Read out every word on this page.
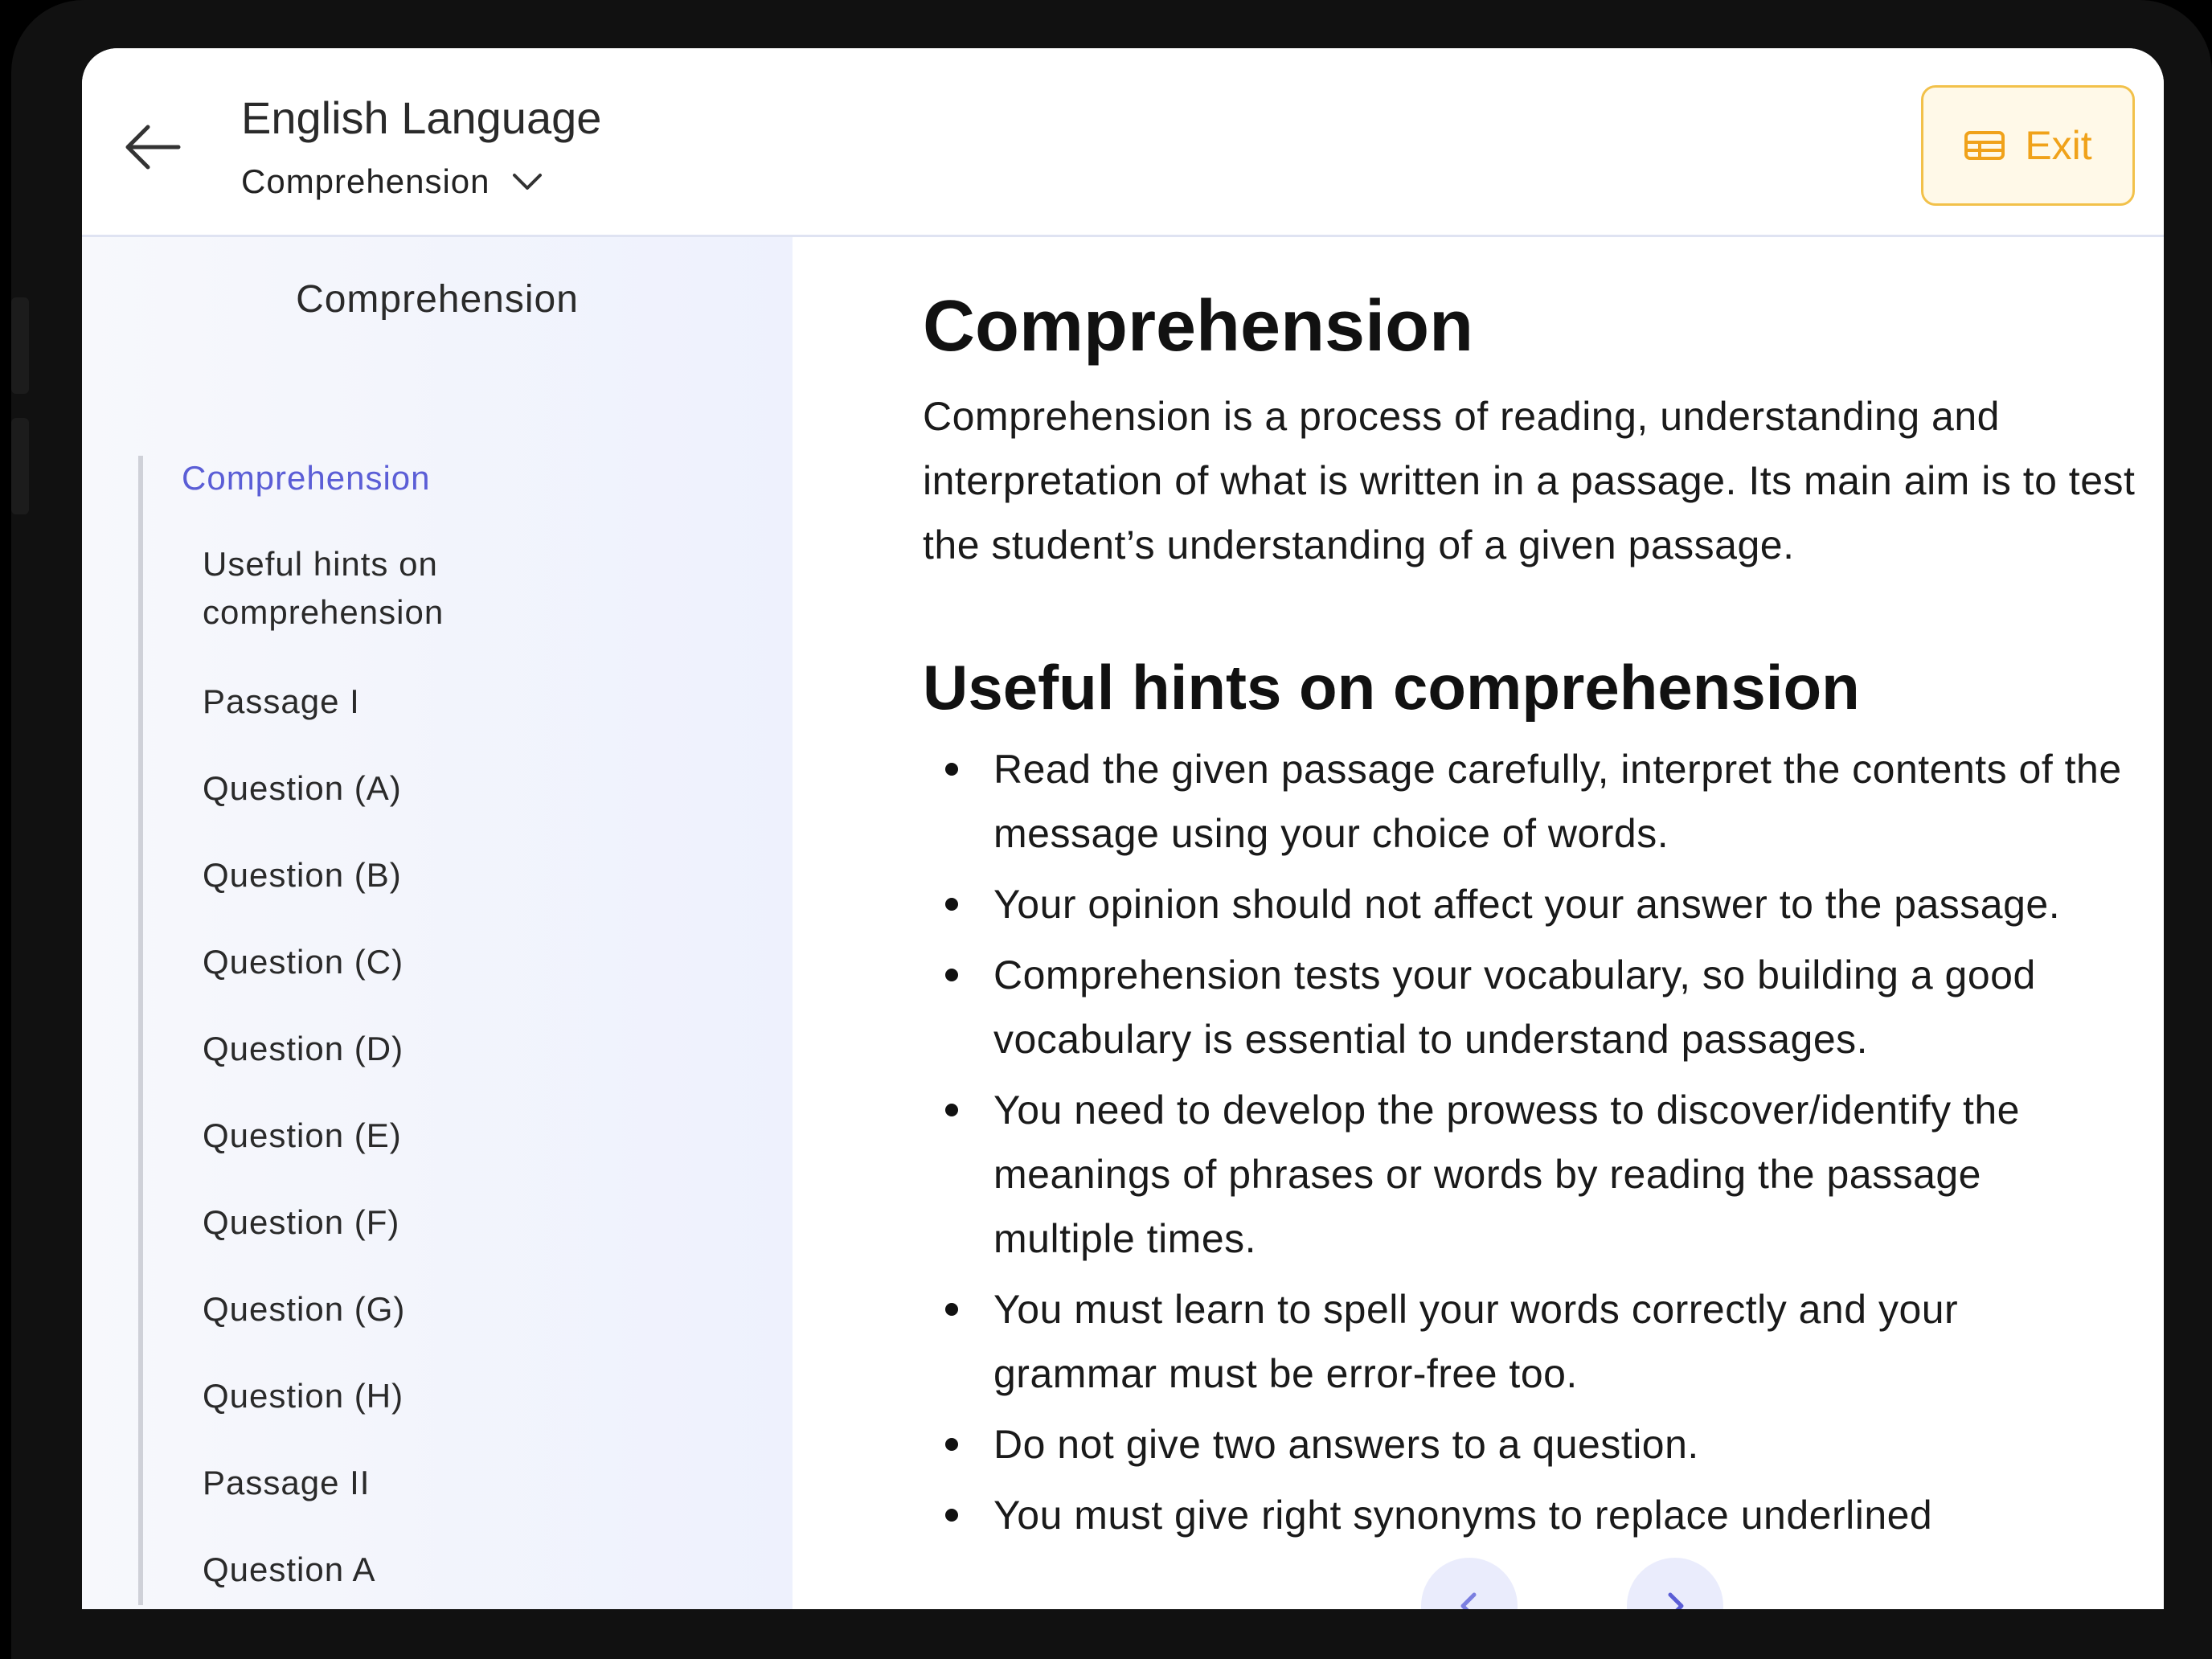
English Language
Comprehension
Exit
Comprehension
Comprehension
Useful hints on comprehension
Passage I
Question (A)
Question (B)
Question (C)
Question (D)
Question (E)
Question (F)
Question (G)
Question (H)
Passage II
Question A
Comprehension
Comprehension is a process of reading, understanding and interpretation of what is written in a passage. Its main aim is to test the student’s understanding of a given passage.
Useful hints on comprehension
Read the given passage carefully, interpret the contents of the message using your choice of words.
Your opinion should not affect your answer to the passage.
Comprehension tests your vocabulary, so building a good vocabulary is essential to understand passages.
You need to develop the prowess to discover/identify the meanings of phrases or words by reading the passage multiple times.
You must learn to spell your words correctly and your grammar must be error-free too.
Do not give two answers to a question.
You must give right synonyms to replace underlined
